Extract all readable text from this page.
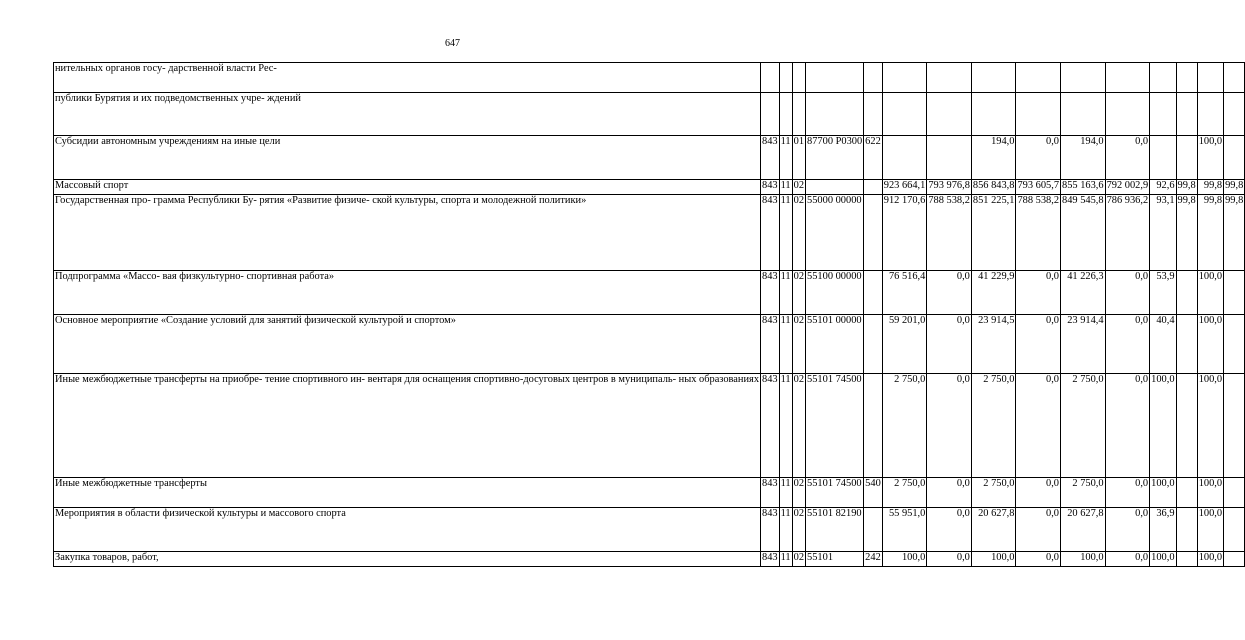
647
нительных органов госу- дарственной власти Рес-															
публики Бурятия и их подведомственных учре- ждений															
Субсидии автономным учреждениям на иные цели	843	11	01	87700 P0300	622			194,0	0,0	194,0	0,0			100,0	
Массовый спорт	843	11	02			923 664,1	793 976,8	856 843,8	793 605,7	855 163,6	792 002,9	92,6	99,8	99,8	99,8
Государственная про- грамма Республики Бу- рятия «Развитие физиче- ской культуры, спорта и молодежной политики»	843	11	02	55000 00000		912 170,6	788 538,2	851 225,1	788 538,2	849 545,8	786 936,2	93,1	99,8	99,8	99,8
Подпрограмма «Массо- вая физкультурно- спортивная работа»	843	11	02	55100 00000		76 516,4	0,0	41 229,9	0,0	41 226,3	0,0	53,9		100,0	
Основное мероприятие «Создание условий для занятий физической культурой и спортом»	843	11	02	55101 00000		59 201,0	0,0	23 914,5	0,0	23 914,4	0,0	40,4		100,0	
Иные межбюджетные трансферты на приобре- тение спортивного ин- вентаря для оснащения спортивно-досуговых центров в муниципаль- ных образованиях	843	11	02	55101 74500		2 750,0	0,0	2 750,0	0,0	2 750,0	0,0	100,0		100,0	
Иные межбюджетные трансферты	843	11	02	55101 74500	540	2 750,0	0,0	2 750,0	0,0	2 750,0	0,0	100,0		100,0	
Мероприятия в области физической культуры и массового спорта	843	11	02	55101 82190		55 951,0	0,0	20 627,8	0,0	20 627,8	0,0	36,9		100,0	
Закупка товаров, работ,	843	11	02	55101	242	100,0	0,0	100,0	0,0	100,0	0,0	100,0		100,0	
